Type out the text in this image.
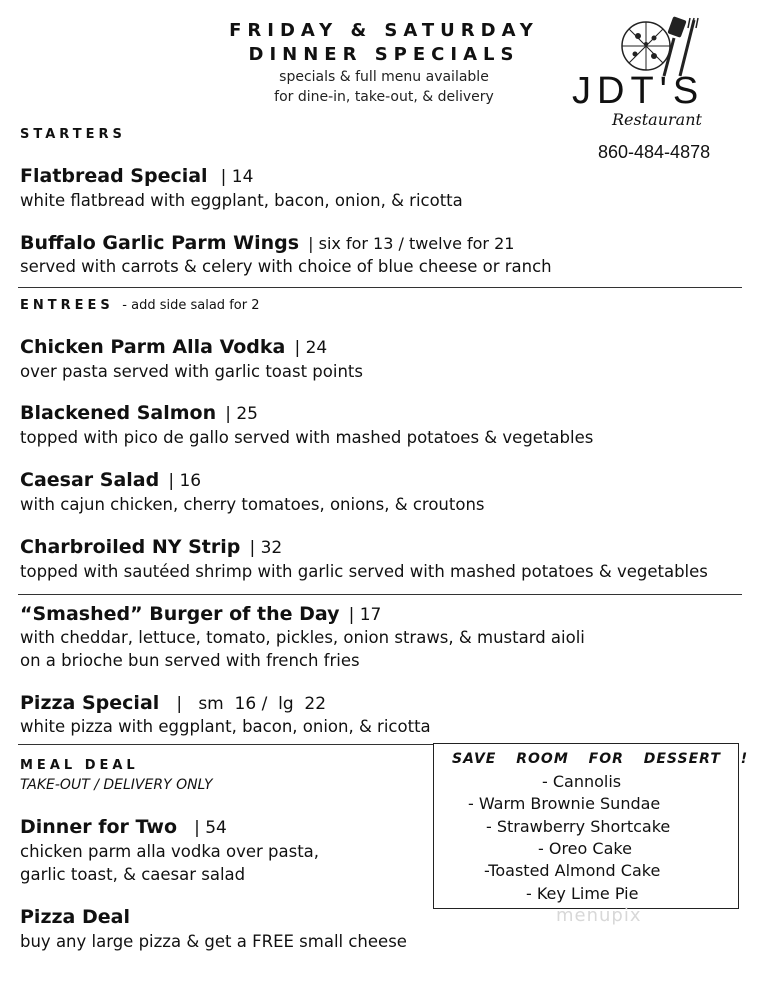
FRIDAY & SATURDAY
DINNER SPECIALS
specials & full menu available
for dine-in, take-out, & delivery	JDT'S
Restaurant
860-484-4878
STARTERS
Flatbread Special | 14
white flatbread with eggplant, bacon, onion, & ricotta
Buffalo Garlic Parm Wings | six for 13 / twelve for 21
served with carrots & celery with choice of blue cheese or ranch
ENTREES - add side salad for 2
Chicken Parm Alla Vodka | 24
over pasta served with garlic toast points
Blackened Salmon | 25
topped with pico de gallo served with mashed potatoes & vegetables
Caesar Salad | 16
with cajun chicken, cherry tomatoes, onions, & croutons
Charbroiled NY Strip | 32
topped with sautéed shrimp with garlic served with mashed potatoes & vegetables
“Smashed” Burger of the Day | 17
with cheddar, lettuce, tomato, pickles, onion straws, & mustard aioli
on a brioche bun served with french fries
Pizza Special |   sm  16 /  lg  22
white pizza with eggplant, bacon, onion, & ricotta
MEAL DEAL
TAKE-OUT / DELIVERY ONLY
Dinner for Two | 54
chicken parm alla vodka over pasta,
garlic toast, & caesar salad
Pizza Deal
buy any large pizza & get a FREE small cheese
SAVE ROOM FOR DESSERT !
- Cannolis
- Warm Brownie Sundae
- Strawberry Shortcake
- Oreo Cake
-Toasted Almond Cake
- Key Lime Pie
menupix
